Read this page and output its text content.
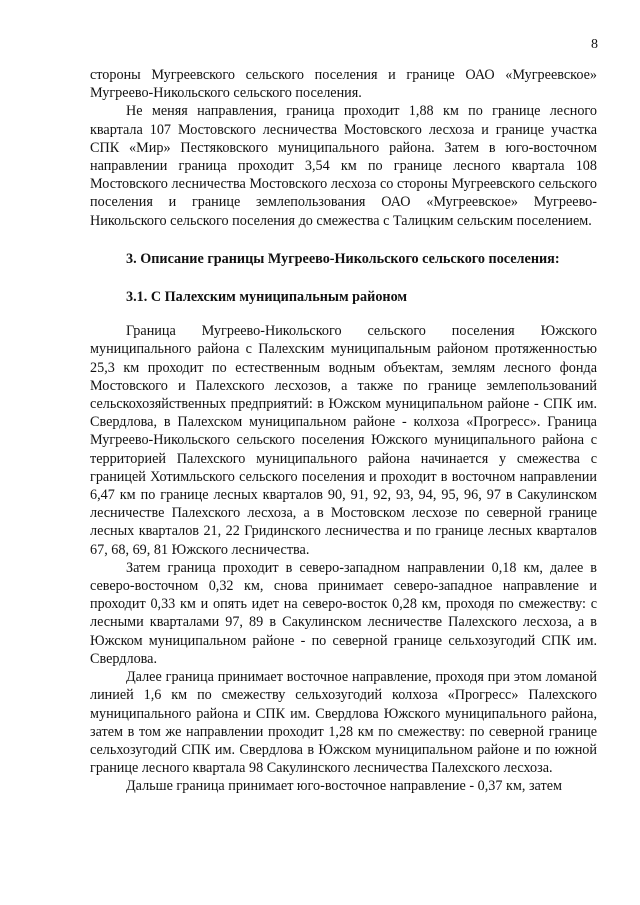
8

стороны Мугреевского сельского поселения и границе ОАО «Мугреевское» Мугреево-Никольского сельского поселения.

Не меняя направления, граница проходит 1,88 км по границе лесного квартала 107 Мостовского лесничества Мостовского лесхоза и границе участка СПК «Мир» Пестяковского муниципального района. Затем в юго-восточном направлении граница проходит 3,54 км по границе лесного квартала 108 Мостовского лесничества Мостовского лесхоза со стороны Мугреевского сельского поселения и границе землепользования ОАО «Мугреевское» Мугреево-Никольского сельского поселения до смежества с Талицким сельским поселением.

3. Описание границы Мугреево-Никольского сельского поселения:

3.1. С Палехским муниципальным районом

Граница Мугреево-Никольского сельского поселения Южского муниципального района с Палехским муниципальным районом протяженностью 25,3 км проходит по естественным водным объектам, землям лесного фонда Мостовского и Палехского лесхозов, а также по границе землепользований сельскохозяйственных предприятий: в Южском муниципальном районе - СПК им. Свердлова, в Палехском муниципальном районе - колхоза «Прогресс». Граница Мугреево-Никольского сельского поселения Южского муниципального района с территорией Палехского муниципального района начинается у смежества с границей Хотимльского сельского поселения и проходит в восточном направлении 6,47 км по границе лесных кварталов 90, 91, 92, 93, 94, 95, 96, 97 в Сакулинском лесничестве Палехского лесхоза, а в Мостовском лесхозе по северной границе лесных кварталов 21, 22 Гридинского лесничества и по границе лесных кварталов 67, 68, 69, 81 Южского лесничества.

Затем граница проходит в северо-западном направлении 0,18 км, далее в северо-восточном 0,32 км, снова принимает северо-западное направление и проходит 0,33 км и опять идет на северо-восток 0,28 км, проходя по смежеству: с лесными кварталами 97, 89 в Сакулинском лесничестве Палехского лесхоза, а в Южском муниципальном районе - по северной границе сельхозугодий СПК им. Свердлова.

Далее граница принимает восточное направление, проходя при этом ломаной линией 1,6 км по смежеству сельхозугодий колхоза «Прогресс» Палехского муниципального района и СПК им. Свердлова Южского муниципального района, затем в том же направлении проходит 1,28 км по смежеству: по северной границе сельхозугодий СПК им. Свердлова в Южском муниципальном районе и по южной границе лесного квартала 98 Сакулинского лесничества Палехского лесхоза.

Дальше граница принимает юго-восточное направление - 0,37 км, затем
